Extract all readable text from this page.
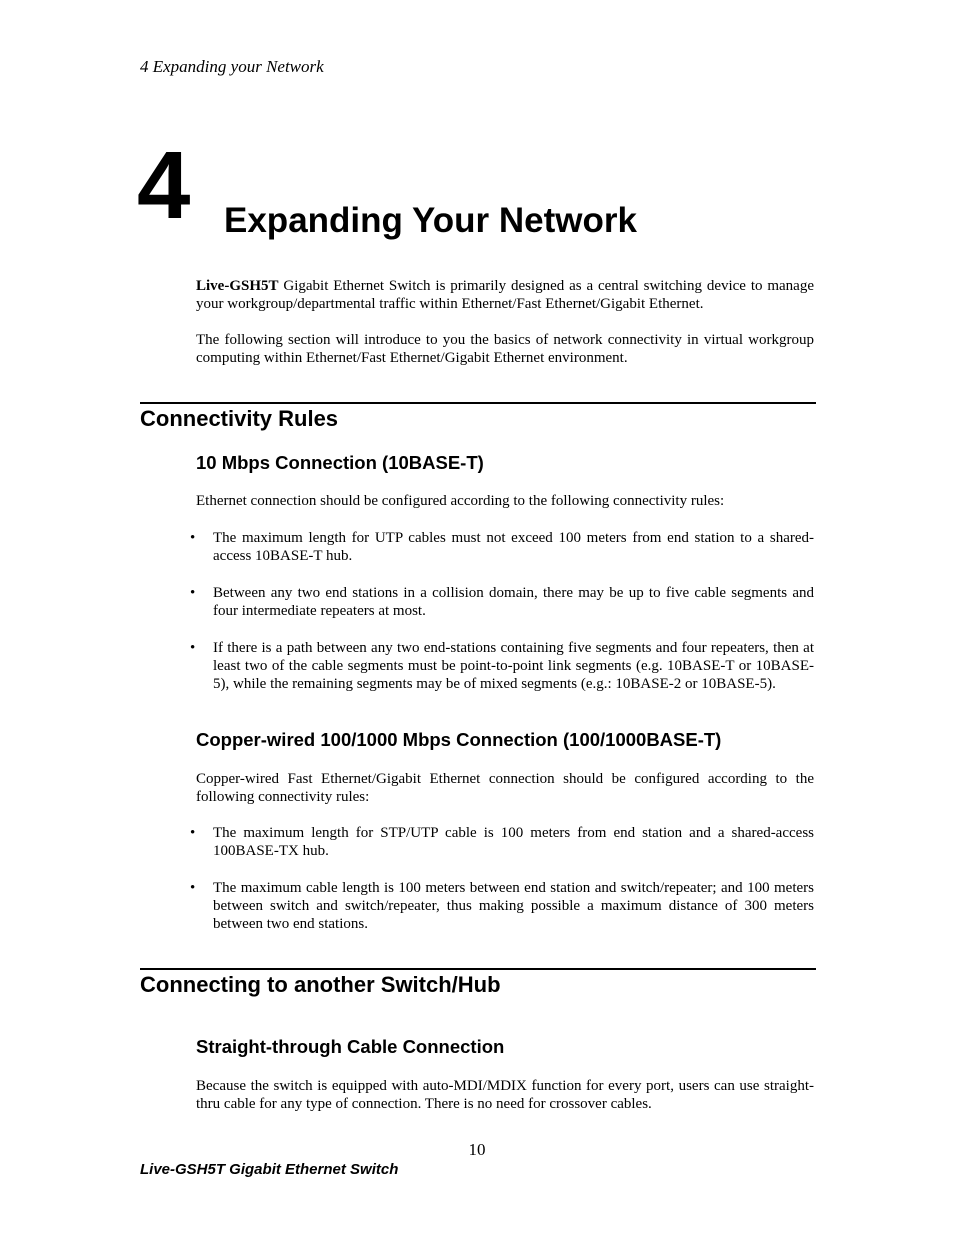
4 Expanding your Network
4 Expanding Your Network
Live-GSH5T Gigabit Ethernet Switch is primarily designed as a central switching device to manage your workgroup/departmental traffic within Ethernet/Fast Ethernet/Gigabit Ethernet.
The following section will introduce to you the basics of network connectivity in virtual workgroup computing within Ethernet/Fast Ethernet/Gigabit Ethernet environment.
Connectivity Rules
10 Mbps Connection (10BASE-T)
Ethernet connection should be configured according to the following connectivity rules:
•	The maximum length for UTP cables must not exceed 100 meters from end station to a shared-access 10BASE-T hub.
•	Between any two end stations in a collision domain, there may be up to five cable segments and four intermediate repeaters at most.
•	If there is a path between any two end-stations containing five segments and four repeaters, then at least two of the cable segments must be point-to-point link segments (e.g. 10BASE-T or 10BASE-5), while the remaining segments may be of mixed segments (e.g.: 10BASE-2 or 10BASE-5).
Copper-wired 100/1000 Mbps Connection (100/1000BASE-T)
Copper-wired Fast Ethernet/Gigabit Ethernet connection should be configured according to the following connectivity rules:
•	The maximum length for STP/UTP cable is 100 meters from end station and a shared-access 100BASE-TX hub.
•	The maximum cable length is 100 meters between end station and switch/repeater; and 100 meters between switch and switch/repeater, thus making possible a maximum distance of 300 meters between two end stations.
Connecting to another Switch/Hub
Straight-through Cable Connection
Because the switch is equipped with auto-MDI/MDIX function for every port, users can use straight-thru cable for any type of connection. There is no need for crossover cables.
10
Live-GSH5T Gigabit Ethernet Switch
